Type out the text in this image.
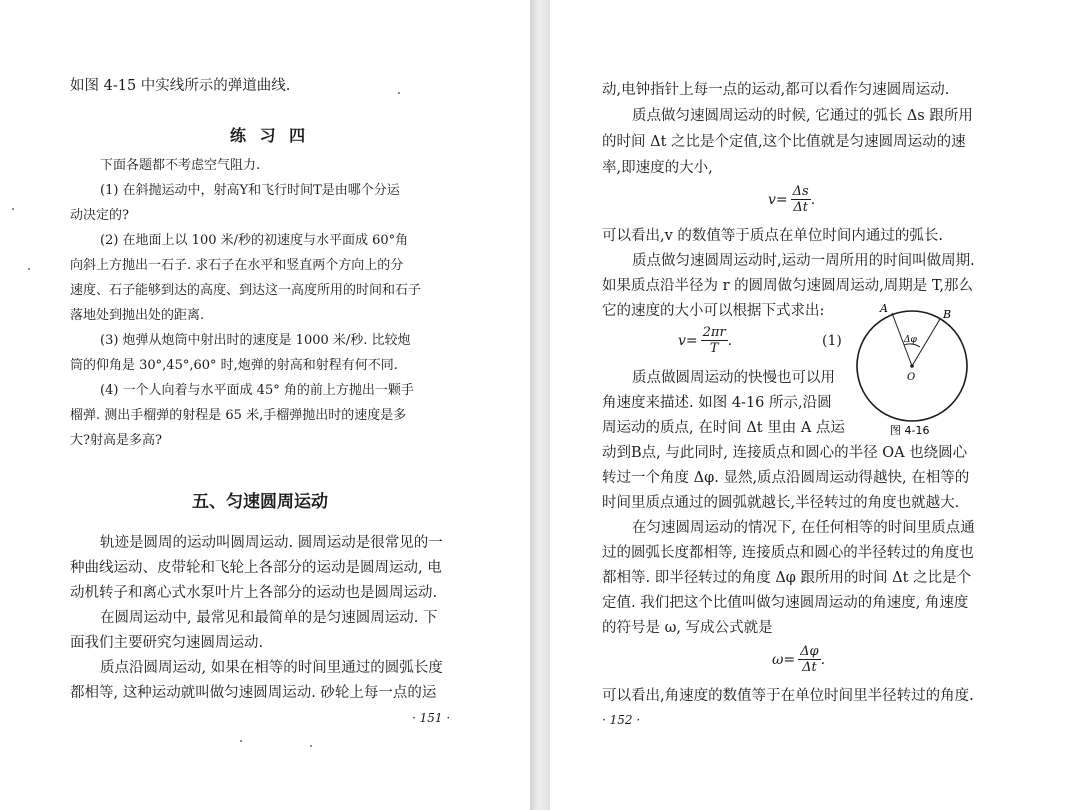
如图 4-15 中实线所示的弹道曲线.
练 习 四
下面各题都不考虑空气阻力.
(1) 在斜抛运动中，射高Y和飞行时间T是由哪个分运
动决定的?
(2) 在地面上以 100 米/秒的初速度与水平面成 60°角
向斜上方抛出一石子. 求石子在水平和竖直两个方向上的分
速度、石子能够到达的高度、到达这一高度所用的时间和石子
落地处到抛出处的距离.
(3) 炮弹从炮筒中射出时的速度是 1000 米/秒. 比较炮
筒的仰角是 30°,45°,60° 时,炮弹的射高和射程有何不同.
(4) 一个人向着与水平面成 45° 角的前上方抛出一颗手
榴弹. 测出手榴弹的射程是 65 米,手榴弹抛出时的速度是多
大?射高是多高?
五、匀速圆周运动
轨迹是圆周的运动叫圆周运动. 圆周运动是很常见的一
种曲线运动、皮带轮和飞轮上各部分的运动是圆周运动, 电
动机转子和离心式水泵叶片上各部分的运动也是圆周运动.
在圆周运动中, 最常见和最简单的是匀速圆周运动. 下
面我们主要研究匀速圆周运动.
质点沿圆周运动, 如果在相等的时间里通过的圆弧长度
都相等, 这种运动就叫做匀速圆周运动. 砂轮上每一点的运
· 151 ·
动,电钟指针上每一点的运动,都可以看作匀速圆周运动.
质点做匀速圆周运动的时候, 它通过的弧长 Δs 跟所用
的时间 Δt 之比是个定值,这个比值就是匀速圆周运动的速
率,即速度的大小,
可以看出,v 的数值等于质点在单位时间内通过的弧长.
质点做匀速圆周运动时,运动一周所用的时间叫做周期.
如果质点沿半径为 r 的圆周做匀速圆周运动,周期是 T,那么
它的速度的大小可以根据下式求出:
质点做圆周运动的快慢也可以用
角速度来描述. 如图 4-16 所示,沿圆
周运动的质点, 在时间 Δt 里由 A 点运
动到B点, 与此同时, 连接质点和圆心的半径 OA 也绕圆心
转过一个角度 Δφ. 显然,质点沿圆周运动得越快, 在相等的
时间里质点通过的圆弧就越长,半径转过的角度也就越大.
在匀速圆周运动的情况下, 在任何相等的时间里质点通
过的圆弧长度都相等, 连接质点和圆心的半径转过的角度也
都相等. 即半径转过的角度 Δφ 跟所用的时间 Δt 之比是个
定值. 我们把这个比值叫做匀速圆周运动的角速度, 角速度
的符号是 ω, 写成公式就是
可以看出,角速度的数值等于在单位时间里半径转过的角度.
· 152 ·
$v= \frac{\Delta s}{\Delta t}$ .
$v= \frac{2\pi r}{T}$ .	(1)
$\omega= \frac{\Delta\varphi}{\Delta t}$ .
A	B
Δφ
O
图 4-16
